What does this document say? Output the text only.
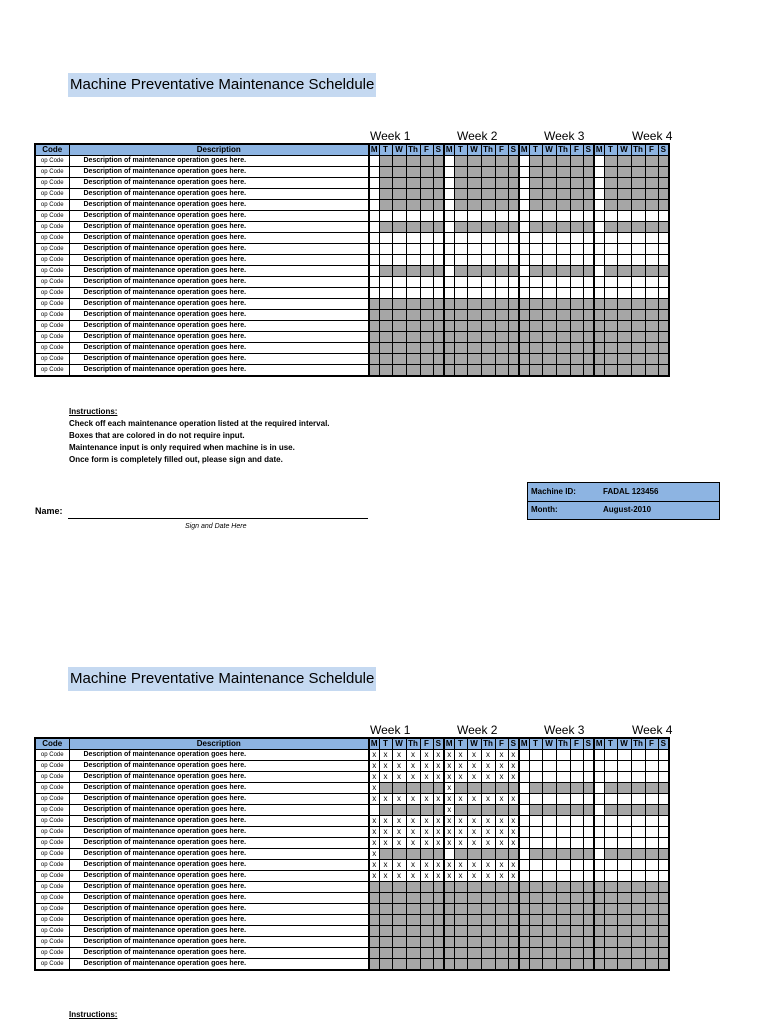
Machine Preventative Maintenance Scheldule
Week 1	Week 2	Week 3	Week 4
Code	Description	M	T	W	Th	F	S	M	T	W	Th	F	S	M	T	W	Th	F	S	M	T	W	Th	F	S
op Code	Description of maintenance operation goes here.																								
op Code	Description of maintenance operation goes here.																								
op Code	Description of maintenance operation goes here.																								
op Code	Description of maintenance operation goes here.																								
op Code	Description of maintenance operation goes here.																								
op Code	Description of maintenance operation goes here.																								
op Code	Description of maintenance operation goes here.																								
op Code	Description of maintenance operation goes here.																								
op Code	Description of maintenance operation goes here.																								
op Code	Description of maintenance operation goes here.																								
op Code	Description of maintenance operation goes here.																								
op Code	Description of maintenance operation goes here.																								
op Code	Description of maintenance operation goes here.																								
op Code	Description of maintenance operation goes here.																								
op Code	Description of maintenance operation goes here.																								
op Code	Description of maintenance operation goes here.																								
op Code	Description of maintenance operation goes here.																								
op Code	Description of maintenance operation goes here.																								
op Code	Description of maintenance operation goes here.																								
op Code	Description of maintenance operation goes here.																								
Instructions:
Check off each maintenance operation listed at the required interval.
Boxes that are colored in do not require input.
Maintenance input is only required when machine is in use.
Once form is completely filled out, please sign and date.
Name:
Sign and Date Here
Machine ID:	FADAL 123456
Month:	August-2010
Machine Preventative Maintenance Scheldule
Week 1	Week 2	Week 3	Week 4
Code	Description	M	T	W	Th	F	S	M	T	W	Th	F	S	M	T	W	Th	F	S	M	T	W	Th	F	S
op Code	Description of maintenance operation goes here.	x	x	x	x	x	x	x	x	x	x	x	x												
op Code	Description of maintenance operation goes here.	x	x	x	x	x	x	x	x	x	x	x	x												
op Code	Description of maintenance operation goes here.	x	x	x	x	x	x	x	x	x	x	x	x												
op Code	Description of maintenance operation goes here.	x						x																	
op Code	Description of maintenance operation goes here.	x	x	x	x	x	x	x	x	x	x	x	x												
op Code	Description of maintenance operation goes here.							x																	
op Code	Description of maintenance operation goes here.	x	x	x	x	x	x	x	x	x	x	x	x												
op Code	Description of maintenance operation goes here.	x	x	x	x	x	x	x	x	x	x	x	x												
op Code	Description of maintenance operation goes here.	x	x	x	x	x	x	x	x	x	x	x	x												
op Code	Description of maintenance operation goes here.	x																							
op Code	Description of maintenance operation goes here.	x	x	x	x	x	x	x	x	x	x	x	x												
op Code	Description of maintenance operation goes here.	x	x	x	x	x	x	x	x	x	x	x	x												
op Code	Description of maintenance operation goes here.																								
op Code	Description of maintenance operation goes here.																								
op Code	Description of maintenance operation goes here.																								
op Code	Description of maintenance operation goes here.																								
op Code	Description of maintenance operation goes here.																								
op Code	Description of maintenance operation goes here.																								
op Code	Description of maintenance operation goes here.																								
op Code	Description of maintenance operation goes here.																								
Instructions:
